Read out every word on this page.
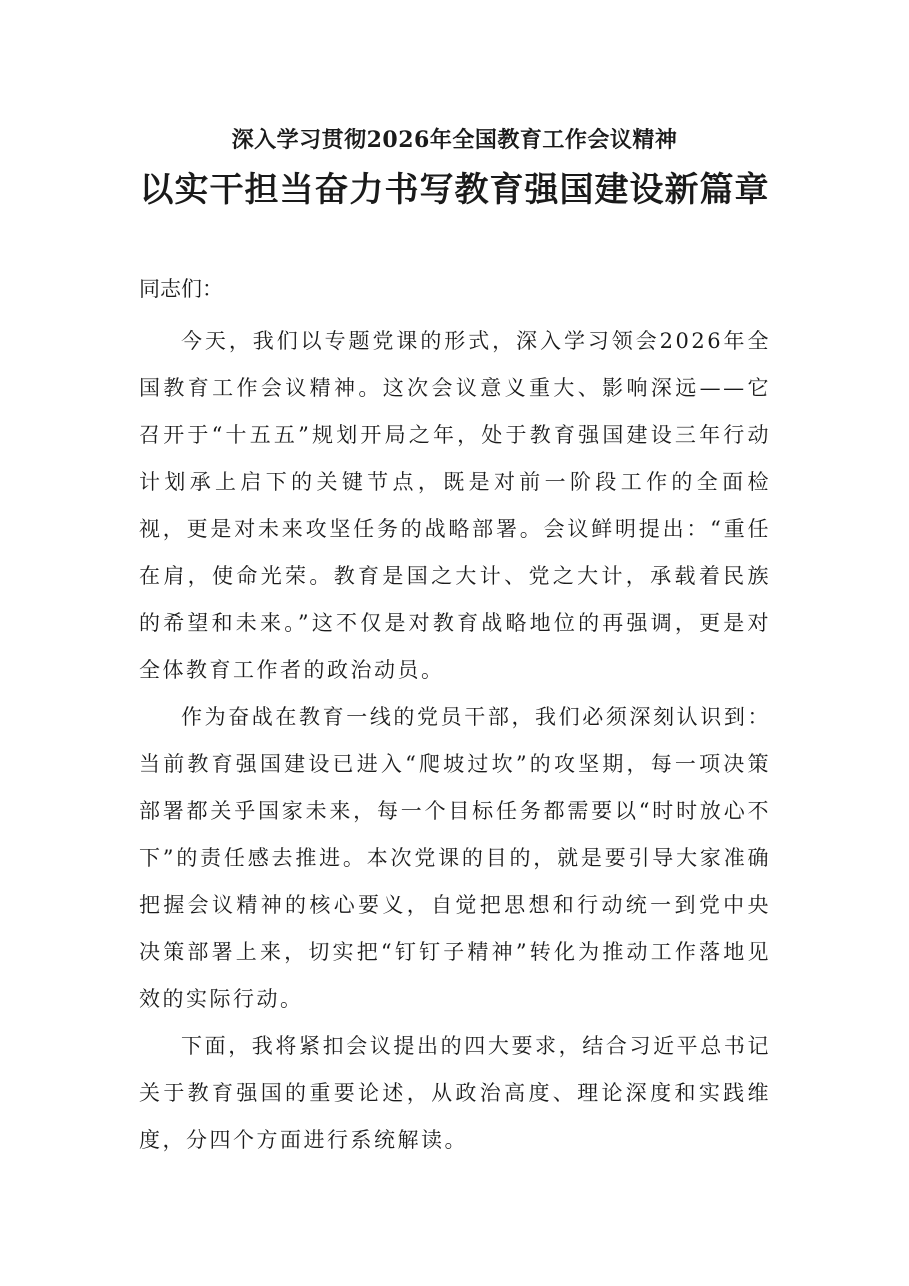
深入学习贯彻2026年全国教育工作会议精神
以实干担当奋力书写教育强国建设新篇章

同志们：

今天，我们以专题党课的形式，深入学习领会2026年全国教育工作会议精神。这次会议意义重大、影响深远——它召开于“十五五”规划开局之年，处于教育强国建设三年行动计划承上启下的关键节点，既是对前一阶段工作的全面检视，更是对未来攻坚任务的战略部署。会议鲜明提出：“重任在肩，使命光荣。教育是国之大计、党之大计，承载着民族的希望和未来。”这不仅是对教育战略地位的再强调，更是对全体教育工作者的政治动员。

作为奋战在教育一线的党员干部，我们必须深刻认识到：当前教育强国建设已进入“爬坡过坎”的攻坚期，每一项决策部署都关乎国家未来，每一个目标任务都需要以“时时放心不下”的责任感去推进。本次党课的目的，就是要引导大家准确把握会议精神的核心要义，自觉把思想和行动统一到党中央决策部署上来，切实把“钉钉子精神”转化为推动工作落地见效的实际行动。

下面，我将紧扣会议提出的四大要求，结合习近平总书记关于教育强国的重要论述，从政治高度、理论深度和实践维度，分四个方面进行系统解读。
